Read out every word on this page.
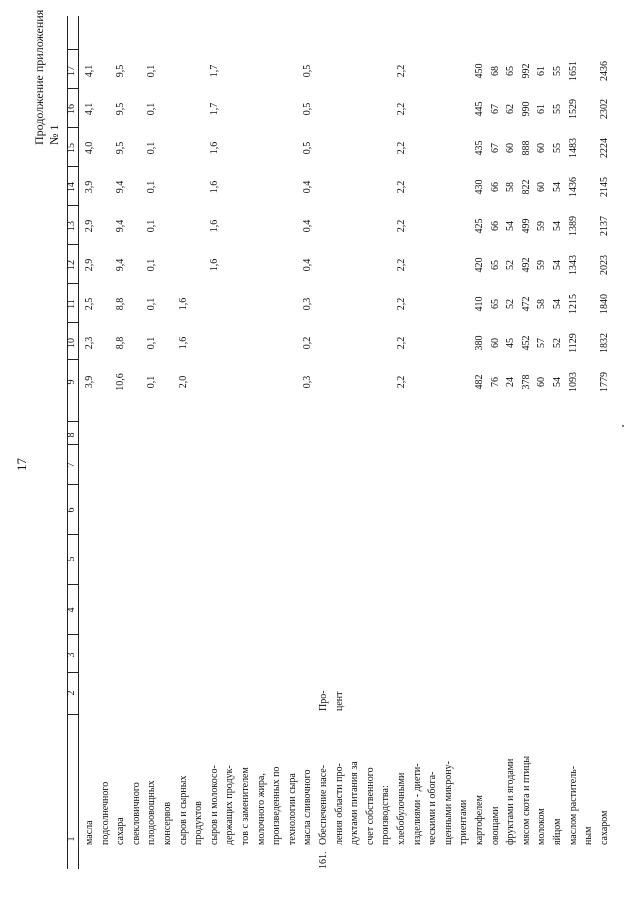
17
Продолжение приложения № 1
1
2
3
4
5
6
7
8
9
10
11
12
13
14
15
16
17
масла
3,9
2,3
2,5
2,9
2,9
3,9
4,0
4,1
4,1
подсолнечного сахара
10,6
8,8
8,8
9,4
9,4
9,4
9,5
9,5
9,5
свекловичного плодоовощных
0,1
0,1
0,1
0,1
0,1
0,1
0,1
0,1
0,1
консервов сыров и сырных
2,0
1,6
1,6
продуктов сыров и молокосо-
1,6
1,6
1,6
1,6
1,7
1,7
держащих продук- тов с заменителем молочного жира, произведенных по технологии сыра масла сливочного
0,3
0,2
0,3
0,4
0,4
0,4
0,5
0,5
0,5
161.
Обеспечение насе-
Про-
ления области про-
цент
дуктами питания за счет собственного производства: хлебобулочными
2,2
2,2
2,2
2,2
2,2
2,2
2,2
2,2
2,2
изделиями - диети- ческими и обога- щенными микрону- триентами картофелем
482
380
410
420
425
430
435
445
450
овощами
76
60
65
65
66
66
67
67
68
фруктами и ягодами
24
45
52
52
54
58
60
62
65
мясом скота и птицы
378
452
472
492
499
822
888
990
992
молоком
60
57
58
59
59
60
60
61
61
яйцом
54
52
54
54
54
54
55
55
55
маслом раститель-
1093
1129
1215
1343
1389
1436
1483
1529
1651
ным сахаром
1779
1832
1840
2023
2137
2145
2224
2302
2436
